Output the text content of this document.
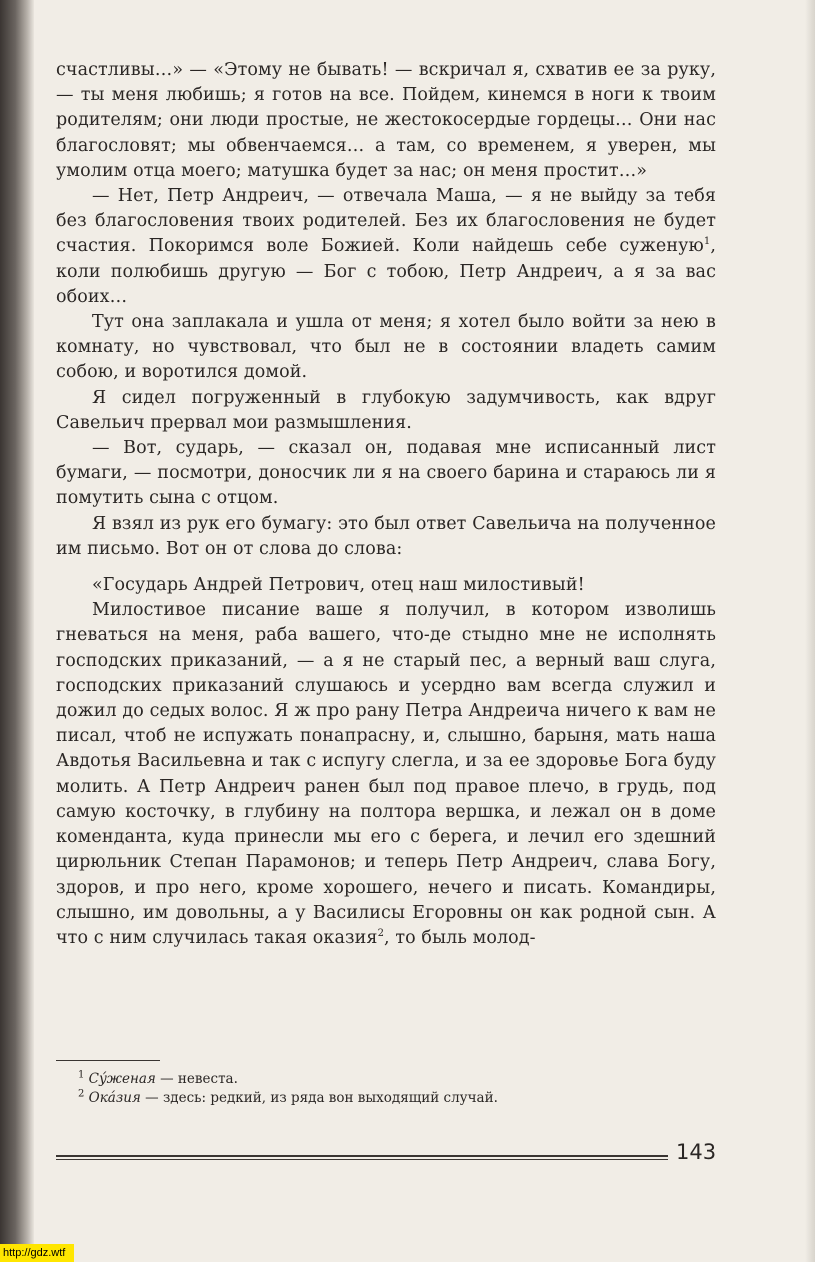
счастливы…» — «Этому не бывать! — вскричал я, схватив ее за руку, — ты меня любишь; я готов на все. Пойдем, кинемся в ноги к твоим родителям; они люди простые, не жестокосердые гордецы… Они нас благословят; мы обвенчаемся… а там, со временем, я уверен, мы умолим отца моего; матушка будет за нас; он меня простит…»

— Нет, Петр Андреич, — отвечала Маша, — я не выйду за тебя без благословения твоих родителей. Без их благословения не будет счастия. Покоримся воле Божией. Коли найдешь себе суженую$^1$, коли полюбишь другую — Бог с тобою, Петр Андреич, а я за вас обоих…

Тут она заплакала и ушла от меня; я хотел было войти за нею в комнату, но чувствовал, что был не в состоянии владеть самим собою, и воротился домой.

Я сидел погруженный в глубокую задумчивость, как вдруг Савельич прервал мои размышления.

— Вот, сударь, — сказал он, подавая мне исписанный лист бумаги, — посмотри, доносчик ли я на своего барина и стараюсь ли я помутить сына с отцом.

Я взял из рук его бумагу: это был ответ Савельича на полученное им письмо. Вот он от слова до слова:

«Государь Андрей Петрович, отец наш милостивый!

Милостивое писание ваше я получил, в котором изволишь гневаться на меня, раба вашего, что-де стыдно мне не исполнять господских приказаний, — а я не старый пес, а верный ваш слуга, господских приказаний слушаюсь и усердно вам всегда служил и дожил до седых волос. Я ж про рану Петра Андреича ничего к вам не писал, чтоб не испужать понапрасну, и, слышно, барыня, мать наша Авдотья Васильевна и так с испугу слегла, и за ее здоровье Бога буду молить. А Петр Андреич ранен был под правое плечо, в грудь, под самую косточку, в глубину на полтора вершка, и лежал он в доме коменданта, куда принесли мы его с берега, и лечил его здешний цирюльник Степан Парамонов; и теперь Петр Андреич, слава Богу, здоров, и про него, кроме хорошего, нечего и писать. Командиры, слышно, им довольны, а у Василисы Егоровны он как родной сын. А что с ним случилась такая оказия$^2$, то быль молод-

$^1$ Сýженая — невеста.
$^2$ Окáзия — здесь: редкий, из ряда вон выходящий случай.
143
http://gdz.wtf
